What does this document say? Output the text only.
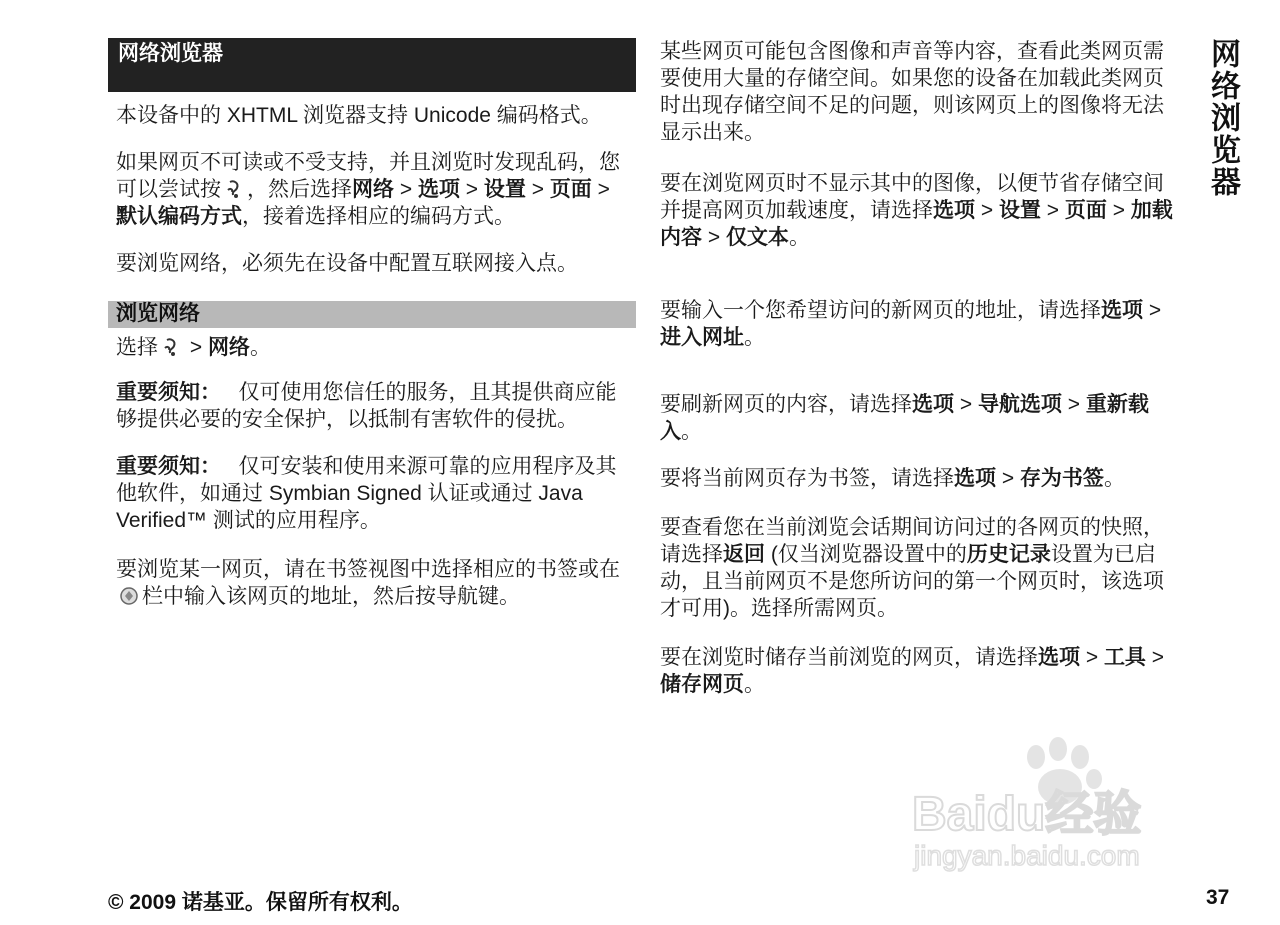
网络浏览器

本设备中的 XHTML 浏览器支持 Unicode 编码格式。

如果网页不可读或不受支持，并且浏览时发现乱码，您可以尝试按 ，然后选择网络 > 选项 > 设置 > 页面 > 默认编码方式，接着选择相应的编码方式。

要浏览网络，必须先在设备中配置互联网接入点。

浏览网络

选择 > 网络。

重要须知：   仅可使用您信任的服务，且其提供商应能够提供必要的安全保护，以抵制有害软件的侵扰。

重要须知：   仅可安装和使用来源可靠的应用程序及其他软件，如通过 Symbian Signed 认证或通过 Java Verified™ 测试的应用程序。

要浏览某一网页，请在书签视图中选择相应的书签或在栏中输入该网页的地址，然后按导航键。

某些网页可能包含图像和声音等内容，查看此类网页需要使用大量的存储空间。如果您的设备在加载此类网页时出现存储空间不足的问题，则该网页上的图像将无法显示出来。

要在浏览网页时不显示其中的图像，以便节省存储空间并提高网页加载速度，请选择选项 > 设置 > 页面 > 加载内容 > 仅文本。

要输入一个您希望访问的新网页的地址，请选择选项 > 进入网址。

要刷新网页的内容，请选择选项 > 导航选项 > 重新载入。

要将当前网页存为书签，请选择选项 > 存为书签。

要查看您在当前浏览会话期间访问过的各网页的快照，请选择返回 (仅当浏览器设置中的历史记录设置为已启动，且当前网页不是您所访问的第一个网页时，该选项才可用)。选择所需网页。

要在浏览时储存当前浏览的网页，请选择选项 > 工具 > 储存网页。

网络浏览器
Baidu经验
jingyan.baidu.com
© 2009 诺基亚。保留所有权利。	37
